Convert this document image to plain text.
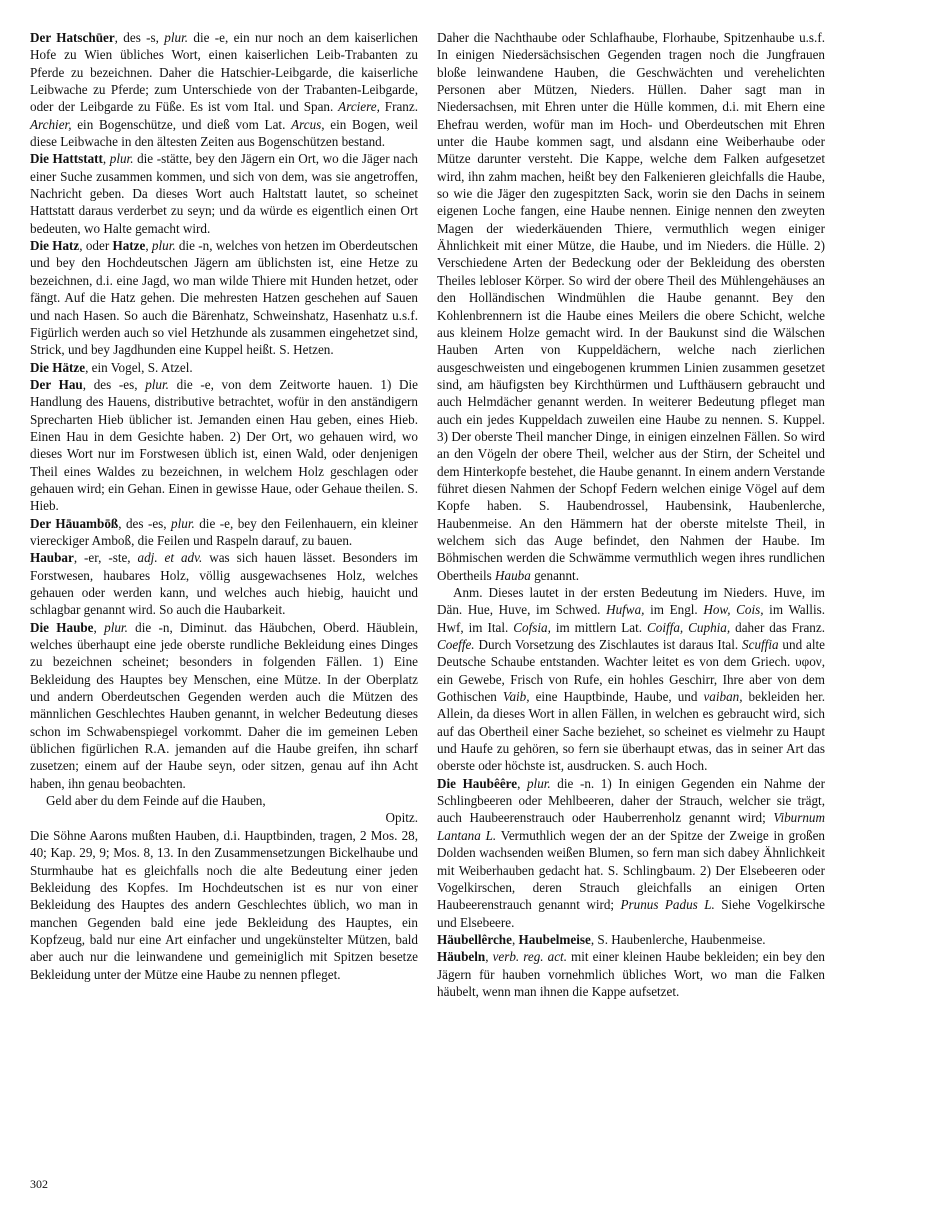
Der Hatschūer, des -s, plur. die -e, ein nur noch an dem kaiserlichen Hofe zu Wien übliches Wort, einen kaiserlichen Leib-Trabanten zu Pferde zu bezeichnen. Daher die Hatschier-Leibgarde, die kaiserliche Leibwache zu Pferde; zum Unterschiede von der Trabanten-Leibgarde, oder der Leibgarde zu Füße. Es ist vom Ital. und Span. Arciere, Franz. Archier, ein Bogenschütze, und dieß vom Lat. Arcus, ein Bogen, weil diese Leibwache in den ältesten Zeiten aus Bogenschützen bestand.

Die Hattstatt, plur. die -stätte, bey den Jägern ein Ort, wo die Jäger nach einer Suche zusammen kommen, und sich von dem, was sie angetroffen, Nachricht geben. Da dieses Wort auch Haltstatt lautet, so scheinet Hattstatt daraus verderbet zu seyn; und da würde es eigentlich einen Ort bedeuten, wo Halte gemacht wird.

Die Hatz, oder Hatze, plur. die -n, welches von hetzen im Oberdeutschen und bey den Hochdeutschen Jägern am üblichsten ist, eine Hetze zu bezeichnen, d.i. eine Jagd, wo man wilde Thiere mit Hunden hetzet, oder fängt. Auf die Hatz gehen. Die mehresten Hatzen geschehen auf Sauen und nach Hasen. So auch die Bärenhatz, Schweinshatz, Hasenhatz u.s.f. Figürlich werden auch so viel Hetzhunde als zusammen eingehetzet sind, Strick, und bey Jagdhunden eine Kuppel heißt. S. Hetzen.

Die Hätze, ein Vogel, S. Atzel.

Der Hau, des -es, plur. die -e, von dem Zeitworte hauen. 1) Die Handlung des Hauens, distributive betrachtet, wofür in den anständigern Sprecharten Hieb üblicher ist. Jemanden einen Hau geben, eines Hieb. Einen Hau in dem Gesichte haben. 2) Der Ort, wo gehauen wird, wo dieses Wort nur im Forstwesen üblich ist, einen Wald, oder denjenigen Theil eines Waldes zu bezeichnen, in welchem Holz geschlagen oder gehauen wird; ein Gehan. Einen in gewisse Haue, oder Gehaue theilen. S. Hieb.

Der Hāuambōß, des -es, plur. die -e, bey den Feilenhauern, ein kleiner viereckiger Amboß, die Feilen und Raspeln darauf, zu bauen.

Haubar, -er, -ste, adj. et adv. was sich hauen lässet. Besonders im Forstwesen, haubares Holz, völlig ausgewachsenes Holz, welches gehauen oder werden kann, und welches auch hiebig, hauicht und schlagbar genannt wird. So auch die Haubarkeit.

Die Haube, plur. die -n, Diminut. das Häubchen, Oberd. Häublein, welches überhaupt eine jede oberste rundliche Bekleidung eines Dinges zu bezeichnen scheinet; besonders in folgenden Fällen. 1) Eine Bekleidung des Hauptes bey Menschen, eine Mütze. In der Oberplatz und andern Oberdeutschen Gegenden werden auch die Mützen des männlichen Geschlechtes Hauben genannt, in welcher Bedeutung dieses schon im Schwabenspiegel vorkommt. Daher die im gemeinen Leben üblichen figürlichen R.A. jemanden auf die Haube greifen, ihn scharf zusetzen; einem auf der Haube seyn, oder sitzen, genau auf ihn Acht haben, ihn genau beobachten.

Geld aber du dem Feinde auf die Hauben,

Opitz.

Die Söhne Aarons mußten Hauben, d.i. Hauptbinden, tragen, 2 Mos. 28, 40; Kap. 29, 9; Mos. 8, 13. In den Zusammensetzungen Bickelhaube und Sturmhaube hat es gleichfalls noch die alte Bedeutung einer jeden Bekleidung des Kopfes. Im Hochdeutschen ist es nur von einer Bekleidung des Hauptes des andern Geschlechtes üblich, wo man in manchen Gegenden bald eine jede Bekleidung des Hauptes, ein Kopfzeug, bald nur eine Art einfacher und ungekünstelter Mützen, bald aber auch nur die leinwandene und gemeiniglich mit Spitzen besetze Bekleidung unter der Mütze eine Haube zu nennen pfleget.

Daher die Nachthaube oder Schlafhaube, Florhaube, Spitzenhaube u.s.f. In einigen Niedersächsischen Gegenden tragen noch die Jungfrauen bloße leinwandene Hauben, die Geschwächten und verehelichten Personen aber Mützen, Nieders. Hüllen. Daher sagt man in Niedersachsen, mit Ehren unter die Hülle kommen, d.i. mit Ehern eine Ehefrau werden, wofür man im Hoch- und Oberdeutschen mit Ehren unter die Haube kommen sagt, und alsdann eine Weiberhaube oder Mütze darunter versteht. Die Kappe, welche dem Falken aufgesetzet wird, ihn zahm machen, heißt bey den Falkenieren gleichfalls die Haube, so wie die Jäger den zugespitzten Sack, worin sie den Dachs in seinem eigenen Loche fangen, eine Haube nennen. Einige nennen den zweyten Magen der wiederkäuenden Thiere, vermuthlich wegen einiger Ähnlichkeit mit einer Mütze, die Haube, und im Nieders. die Hülle. 2) Verschiedene Arten der Bedeckung oder der Bekleidung des obersten Theiles lebloser Körper. So wird der obere Theil des Mühlengehäuses an den Holländischen Windmühlen die Haube genannt. Bey den Kohlenbrennern ist die Haube eines Meilers die obere Schicht, welche aus kleinem Holze gemacht wird. In der Baukunst sind die Wälschen Hauben Arten von Kuppeldächern, welche nach zierlichen ausgeschweisten und eingebogenen krummen Linien zusammen gesetzet sind, am häufigsten bey Kirchthürmen und Lufthäusern gebraucht und auch Helmdächer genannt werden. In weiterer Bedeutung pfleget man auch ein jedes Kuppeldach zuweilen eine Haube zu nennen. S. Kuppel. 3) Der oberste Theil mancher Dinge, in einigen einzelnen Fällen. So wird an den Vögeln der obere Theil, welcher aus der Stirn, der Scheitel und dem Hinterkopfe bestehet, die Haube genannt. In einem andern Verstande führet diesen Nahmen der Schopf Federn welchen einige Vögel auf dem Kopfe haben. S. Haubendrossel, Haubensink, Haubenlerche, Haubenmeise. An den Hämmern hat der oberste mitelste Theil, in welchem sich das Auge befindet, den Nahmen der Haube. Im Böhmischen werden die Schwämme vermuthlich wegen ihres rundlichen Obertheils Hauba genannt.

Anm. Dieses lautet in der ersten Bedeutung im Nieders. Huve, im Dän. Hue, Huve, im Schwed. Hufwa, im Engl. How, Cois, im Wallis. Hwf, im Ital. Cofsia, im mittlern Lat. Coiffa, Cuphia, daher das Franz. Coeffe. Durch Vorsetzung des Zischlautes ist daraus Ital. Scuffia und alte Deutsche Schaube entstanden. Wachter leitet es von dem Griech. υφον, ein Gewebe, Frisch von Rufe, ein hohles Geschirr, Ihre aber von dem Gothischen Vaib, eine Hauptbinde, Haube, und vaiban, bekleiden her. Allein, da dieses Wort in allen Fällen, in welchen es gebraucht wird, sich auf das Obertheil einer Sache beziehet, so scheinet es vielmehr zu Haupt und Haufe zu gehören, so fern sie überhaupt etwas, das in seiner Art das oberste oder höchste ist, ausdrucken. S. auch Hoch.

Die Haubêêre, plur. die -n. 1) In einigen Gegenden ein Nahme der Schlingbeeren oder Mehlbeeren, daher der Strauch, welcher sie trägt, auch Haubeerenstrauch oder Hauberrenholz genannt wird; Viburnum Lantana L. Vermuthlich wegen der an der Spitze der Zweige in großen Dolden wachsenden weißen Blumen, so fern man sich dabey Ähnlichkeit mit Weiberhauben gedacht hat. S. Schlingbaum. 2) Der Elsebeeren oder Vogelkirschen, deren Strauch gleichfalls an einigen Orten Haubeerenstrauch genannt wird; Prunus Padus L. Siehe Vogelkirsche und Elsebeere.

Häubellêrche, Haubelmeise, S. Haubenlerche, Haubenmeise.

Häubeln, verb. reg. act. mit einer kleinen Haube bekleiden; ein bey den Jägern für hauben vornehmlich übliches Wort, wo man die Falken häubelt, wenn man ihnen die Kappe aufsetzet.

302
